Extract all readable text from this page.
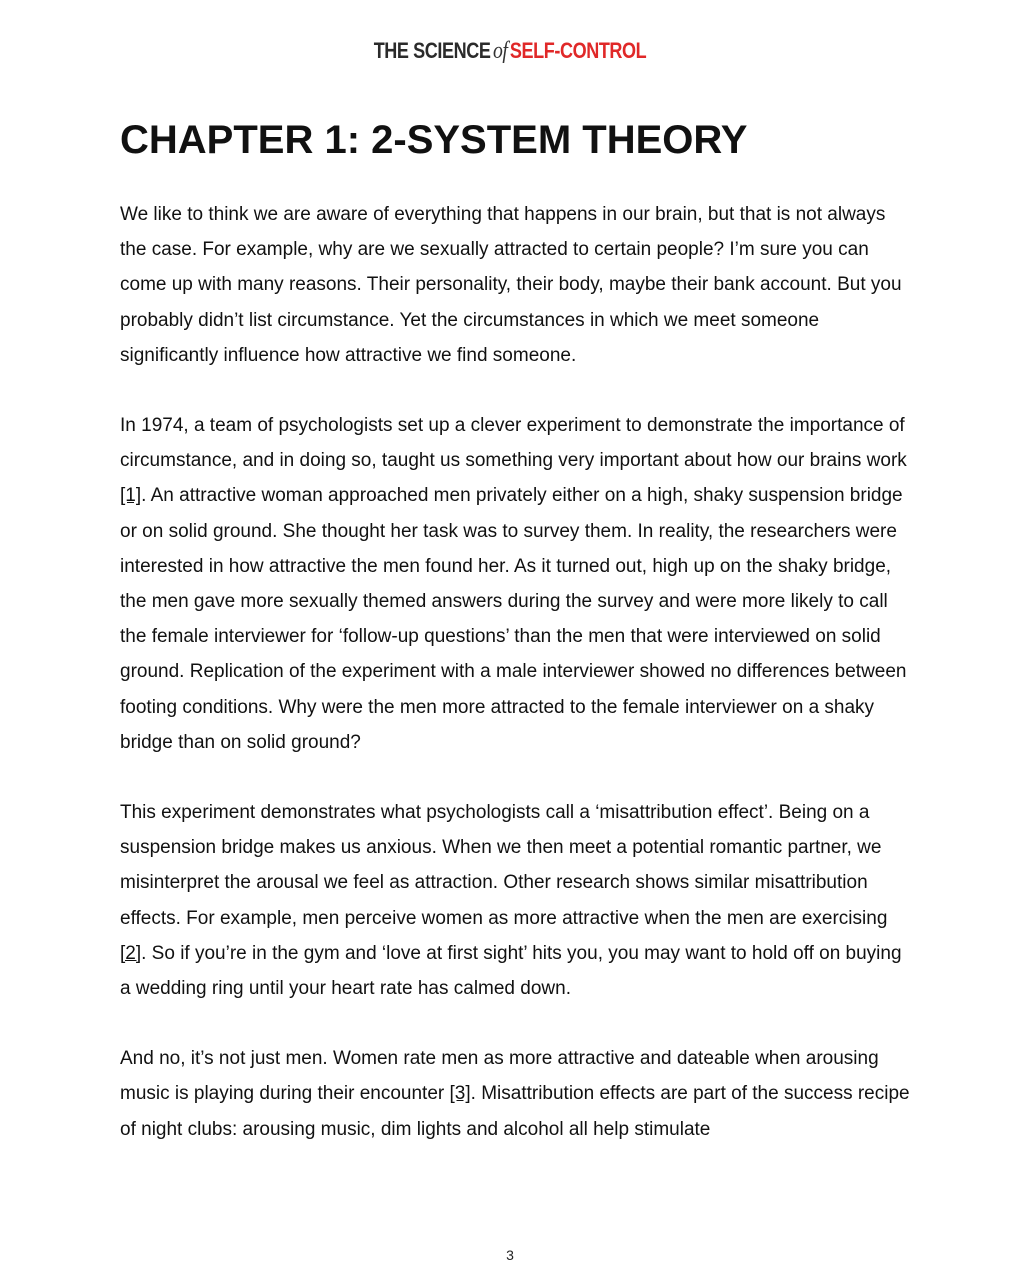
THE SCIENCE of SELF-CONTROL
CHAPTER 1: 2-SYSTEM THEORY

We like to think we are aware of everything that happens in our brain, but that is not always the case. For example, why are we sexually attracted to certain people? I’m sure you can come up with many reasons. Their personality, their body, maybe their bank account. But you probably didn’t list circumstance. Yet the circumstances in which we meet someone significantly influence how attractive we find someone.

In 1974, a team of psychologists set up a clever experiment to demonstrate the importance of circumstance, and in doing so, taught us something very important about how our brains work [1]. An attractive woman approached men privately either on a high, shaky suspension bridge or on solid ground. She thought her task was to survey them. In reality, the researchers were interested in how attractive the men found her. As it turned out, high up on the shaky bridge, the men gave more sexually themed answers during the survey and were more likely to call the female interviewer for ‘follow-up questions’ than the men that were interviewed on solid ground. Replication of the experiment with a male interviewer showed no differences between footing conditions. Why were the men more attracted to the female interviewer on a shaky bridge than on solid ground?

This experiment demonstrates what psychologists call a ‘misattribution effect’. Being on a suspension bridge makes us anxious. When we then meet a potential romantic partner, we misinterpret the arousal we feel as attraction. Other research shows similar misattribution effects. For example, men perceive women as more attractive when the men are exercising [2]. So if you’re in the gym and ‘love at first sight’ hits you, you may want to hold off on buying a wedding ring until your heart rate has calmed down.

And no, it’s not just men. Women rate men as more attractive and dateable when arousing music is playing during their encounter [3]. Misattribution effects are part of the success recipe of night clubs: arousing music, dim lights and alcohol all help stimulate

3
